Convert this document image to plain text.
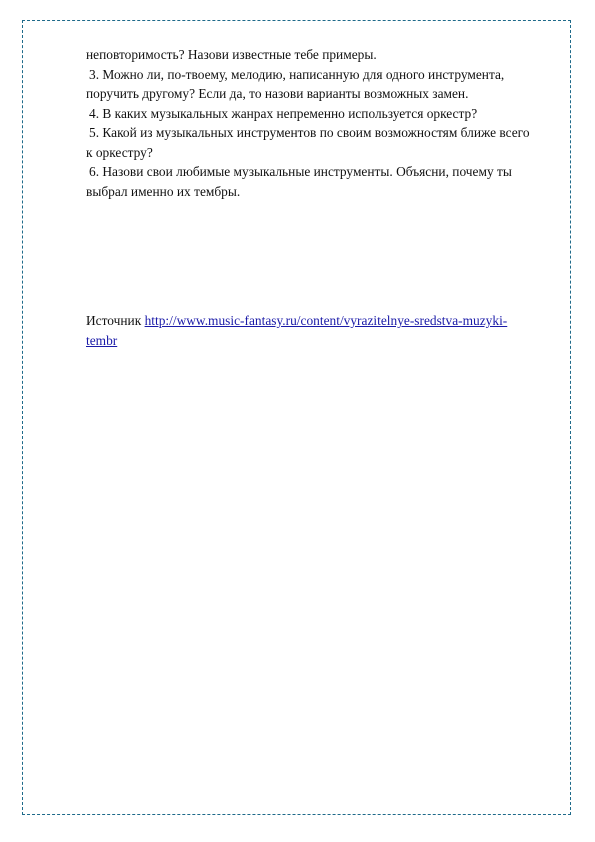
неповторимость? Назови известные тебе примеры.
3. Можно ли, по-твоему, мелодию, написанную для одного инструмента,
поручить другому? Если да, то назови варианты возможных замен.
4. В каких музыкальных жанрах непременно используется оркестр?
5. Какой из музыкальных инструментов по своим возможностям ближе всего
к оркестру?
6. Назови свои любимые музыкальные инструменты. Объясни, почему ты
выбрал именно их тембры.
Источник http://www.music-fantasy.ru/content/vyrazitelnye-sredstva-muzyki-
tembr
